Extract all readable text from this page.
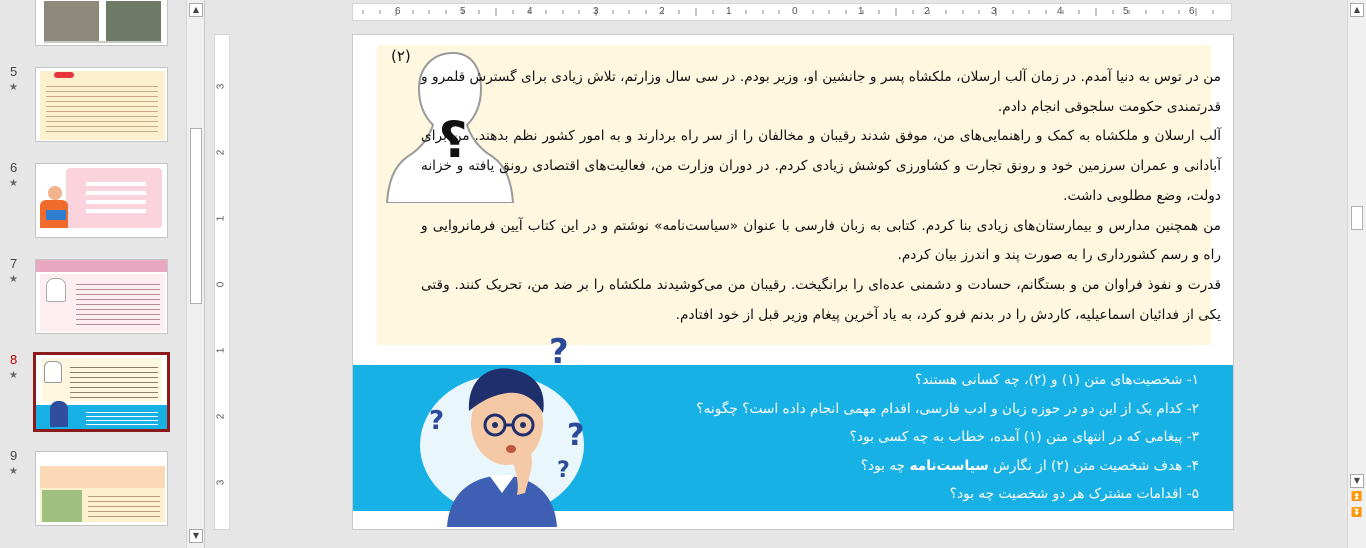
5
★
6
★
7
★
8
★
9
★
▲
▼
6	5	4	3	2	1	0	1	2	3	4	5	6
3
2
1
0
1
2
3
؟
(۲)

من در توس به دنیا آمدم. در زمان آلب ارسلان، ملکشاه پسر و جانشین او، وزیر بودم. در سی سال وزارتم، تلاش زیادی برای گسترش قلمرو و قدرتمندی حکومت سلجوقی انجام دادم.

آلب ارسلان و ملکشاه به کمک و راهنمایی‌های من، موفق شدند رقیبان و مخالفان را از سر راه بردارند و به امور کشور نظم بدهند. من برای آبادانی و عمران سرزمین خود و رونق تجارت و کشاورزی کوشش زیادی کردم. در دوران وزارت من، فعالیت‌های اقتصادی رونق یافته و خزانه دولت، وضع مطلوبی داشت.

من همچنین مدارس و بیمارستان‌های زیادی بنا کردم. کتابی به زبان فارسی با عنوان «سیاست‌نامه» نوشتم و در این کتاب آیین فرمانروایی و راه و رسم کشورداری را به صورت پند و اندرز بیان کردم.

قدرت و نفوذ فراوان من و بستگانم، حسادت و دشمنی عده‌ای را برانگیخت. رقیبان من می‌کوشیدند ملکشاه را بر ضد من، تحریک کنند. وقتی یکی از فدائیان اسماعیلیه، کاردش را در بدنم فرو کرد، به یاد آخرین پیغام وزیر قبل از خود افتادم.

?
?	?
?
۱- شخصیت‌های متن (۱) و (۲)، چه کسانی هستند؟
۲- کدام یک از این دو در حوزه زبان و ادب فارسی، اقدام مهمی انجام داده است؟ چگونه؟
۳- پیغامی که در انتهای متن (۱) آمده، خطاب به چه کسی بود؟
۴- هدف شخصیت متن (۲) از نگارش سیاست‌نامه چه بود؟
۵- اقدامات مشترک هر دو شخصیت چه بود؟
▲
▼
⏫
⏬
